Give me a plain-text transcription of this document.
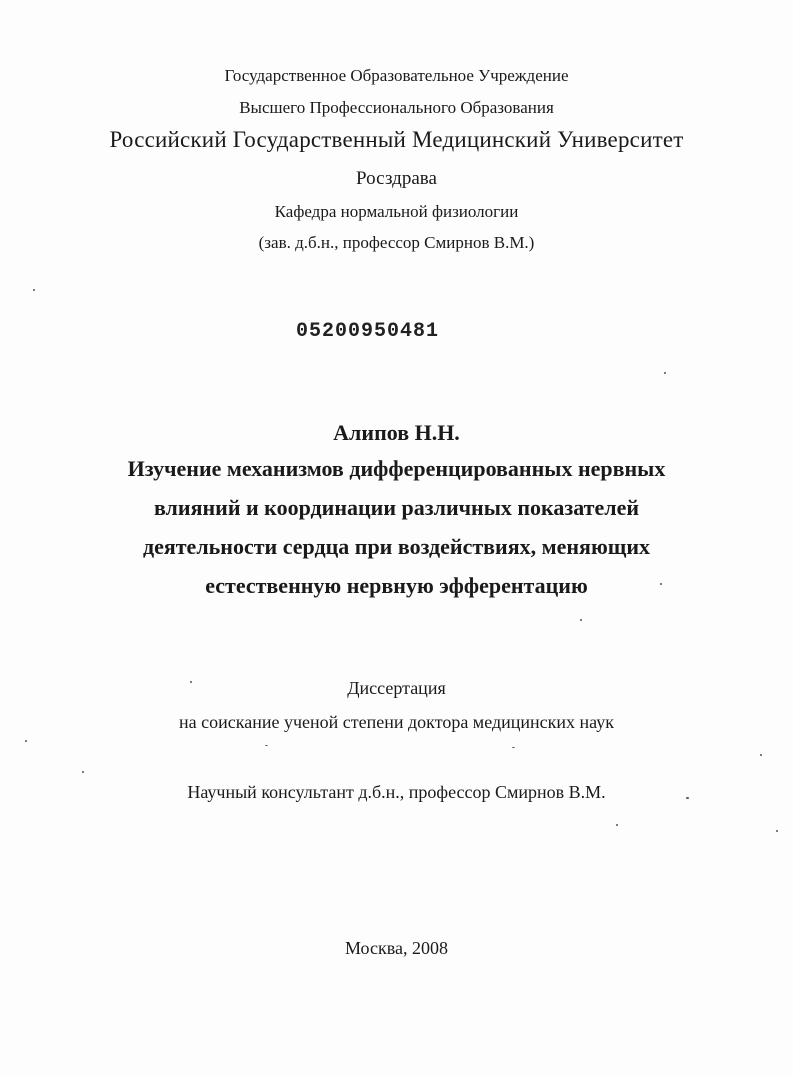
Государственное Образовательное Учреждение
Высшего Профессионального Образования
Российский Государственный Медицинский Университет
Росздрава
Кафедра нормальной физиологии
(зав. д.б.н., профессор Смирнов В.М.)
05200950481
Алипов Н.Н.
Изучение механизмов дифференцированных нервных
влияний и координации различных показателей
деятельности сердца при воздействиях, меняющих
естественную нервную эфферентацию
Диссертация
на соискание ученой степени доктора медицинских наук
Научный консультант д.б.н., профессор Смирнов В.М.
Москва, 2008
